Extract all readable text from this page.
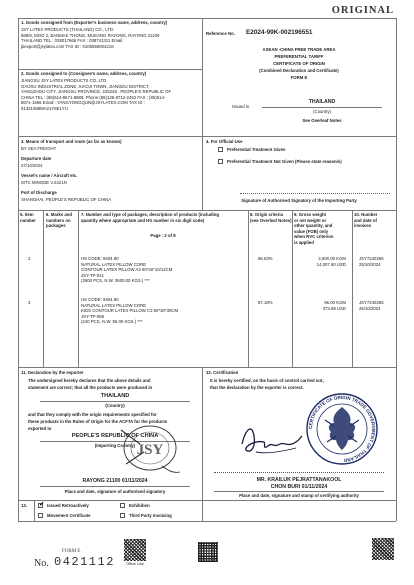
ORIGINAL
1. Goods consigned from (Exporter's business name, address, country)
JSY LATEX PRODUCTS (THAILAND) CO., LTD.
888/8, MOO 2, BANMAK THONG, MUEANG RAYONG, RAYONG 21100
THAILAND TEL : 038017666 FAX : 038741311 Email :
jbexport@jsylatex.com TAX ID : 0105559004218
2. Goods consigned to (Consignee's name, address, country)
JIANGSU JSY LATEX PRODUCTS CO.,LTD
GAOXU INDUSTRIAL ZONE, XIAOJI TOWN, JIANGDU DISTRICT,
YANGZHOU CITY, JIANGSU PROVINCE, 225248 , PEOPLE'S REPUBLIC OF
CHINA TEL : (86)514-8671-8888, Phone:(86)136-8712-2452 FAX : (86)514-
8671-1566 Email : YANGYONGQUN@JSYLATEX.COM TAX ID :
91321088MA21Y8E1YU
Reference No. E2024-99K-002196551
ASEAN -CHINA FREE TRADE AREA
PREFERENTIAL TARIFF
CERTIFICATE OF ORIGIN
(Combined Declaration and Certificate)
FORM E
Issued in
THAILAND
(Country)
See Overleaf Notes
3. Means of transport and route (as far as known)
BY SEA FREIGHT
Departure date
27/10/2024
Vessel's name / Aircraft etc.
SITC MINGDE V.2421N
Port of Discharge
SHANGHAI, PEOPLE'S REPUBLIC OF CHINA
4. For Official Use
Preferential Treatment Given
Preferential Treatment Not Given (Please state reason/s)
Signature of Authorised Signatory of the Importing Party
5. Item
number
6. Marks and
numbers on
packages
7. Number and type of packages, description of products (including
quantity where appropriate and HS number in six digit code)
Page : 2 of 8
8. Origin criteria
(see Overleaf Notes)
9. Gross weight
or net weight or
other quantity, and
value (FOB) only
when RVC criterion
is applied
10. Number
and date of
invoices
2	HS CODE: 9404.90
NATURAL LATEX PILLOW CORE
CONTOUR LATEX PILLOW A3 60*40*10/12CM
JSY-TP-041
(3600 PCS, N.W. 3600.00 KGS.) ***
96.63%	3,600.00 KGM
14,007.60 USD
JSY7240266
25/10/2024
3
HS CODE: 9404.90
NATURAL LATEX PILLOW CORE
KIDS CONTOUR LATEX PILLOW C3 50*30*30CM
JSY-TP-059
(240 PCS, N.W. 96.00 KGS.) ***
97.18%	96.00 KGM
373.68 USD
JSY7240265
25/10/2024
11. Declaration by the exporter
The undersigned hereby declares that the above details and
statement are correct; that all the products were produced in
THAILAND
(Country)
and that they comply with the origin requirements specified for
these products in the Rules of Origin for the ACFTA for the products
exported to
PEOPLE'S REPUBLIC OF CHINA
(Importing Country) JSY
RAYONG 21100 01/11/2024
Place and date, signature of authorised signatory
12. Certification
It is hereby certified, on the basis of control carried out,
that the declaration by the exporter is correct.
CERTIFICATE OF ORIGIN TRADE GOVERNMENT OF THAILAND
MR. KRAILUK PEJRATTANAKOOL
CHON BURI 01/11/2024
Place and date, signature and stamp of certifying authority
13. ✓ Issued Retroactively	Exhibition
Movement Certificate	Third Party Invoicing
FORM E
No. 0421112	Office Use
